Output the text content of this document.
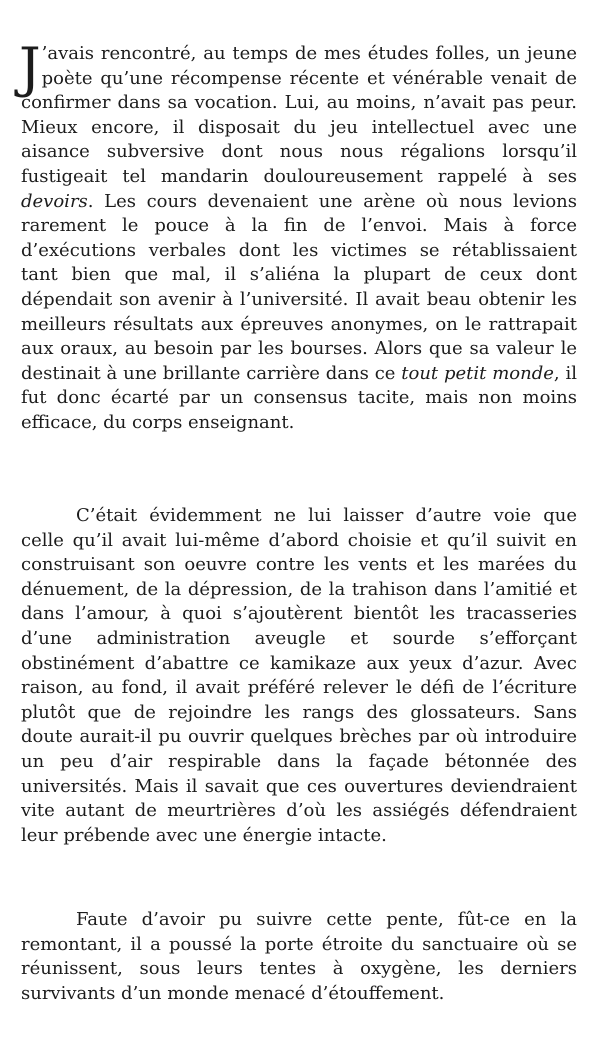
J ’avais rencontré, au temps de mes études folles, un jeune poète qu’une récompense récente et vénérable venait de confirmer dans sa vocation. Lui, au moins, n’avait pas peur. Mieux encore, il disposait du jeu intellectuel avec une aisance subversive dont nous nous régalions lorsqu’il fustigeait tel mandarin douloureusement rappelé à ses devoirs. Les cours devenaient une arène où nous levions rarement le pouce à la fin de l’envoi. Mais à force d’exécutions verbales dont les victimes se rétablissaient tant bien que mal, il s’aliéna la plupart de ceux dont dépendait son avenir à l’université. Il avait beau obtenir les meilleurs résultats aux épreuves anonymes, on le rattrapait aux oraux, au besoin par les bourses. Alors que sa valeur le destinait à une brillante carrière dans ce tout petit monde, il fut donc écarté par un consensus tacite, mais non moins efficace, du corps enseignant.

C’était évidemment ne lui laisser d’autre voie que celle qu’il avait lui-même d’abord choisie et qu’il suivit en construisant son oeuvre contre les vents et les marées du dénuement, de la dépression, de la trahison dans l’amitié et dans l’amour, à quoi s’ajoutèrent bientôt les tracasseries d’une administration aveugle et sourde s’efforçant obstinément d’abattre ce kamikaze aux yeux d’azur. Avec raison, au fond, il avait préféré relever le défi de l’écriture plutôt que de rejoindre les rangs des glossateurs. Sans doute aurait-il pu ouvrir quelques brèches par où introduire un peu d’air respirable dans la façade bétonnée des universités. Mais il savait que ces ouvertures deviendraient vite autant de meurtrières d’où les assiégés défendraient leur prébende avec une énergie intacte.

Faute d’avoir pu suivre cette pente, fût-ce en la remontant, il a poussé la porte étroite du sanctuaire où se réunissent, sous leurs tentes à oxygène, les derniers survivants d’un monde menacé d’étouffement.
